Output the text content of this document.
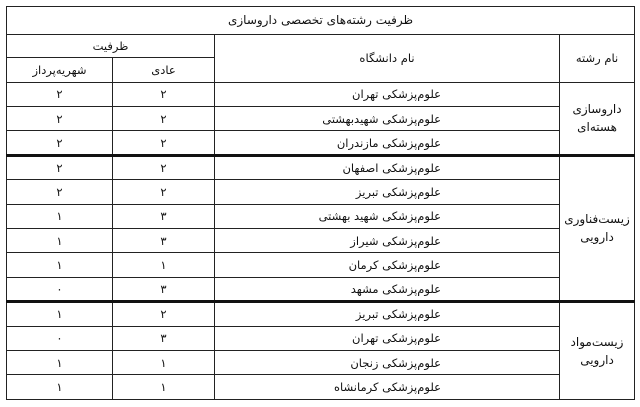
ظرفیت رشته‌های تخصصی داروسازی			
ظرفیت		نام دانشگاه	نام رشته
شهریه‌پرداز	عادی		
۲	۲	علوم‌پزشکی تهران	داروسازی هسته‌ای
۲	۲	علوم‌پزشکی شهیدبهشتی	
۲	۲	علوم‌پزشکی مازندران	
۲	۲	علوم‌پزشکی اصفهان	زیست‌فناوری دارویی
۲	۲	علوم‌پزشکی تبریز	
۱	۳	علوم‌پزشکی شهید بهشتی	
۱	۳	علوم‌پزشکی شیراز	
۱	۱	علوم‌پزشکی کرمان	
۰	۳	علوم‌پزشکی مشهد	
۱	۲	علوم‌پزشکی تبریز	زیست‌مواد دارویی
۰	۳	علوم‌پزشکی تهران	
۱	۱	علوم‌پزشکی زنجان	
۱	۱	علوم‌پزشکی کرمانشاه	
